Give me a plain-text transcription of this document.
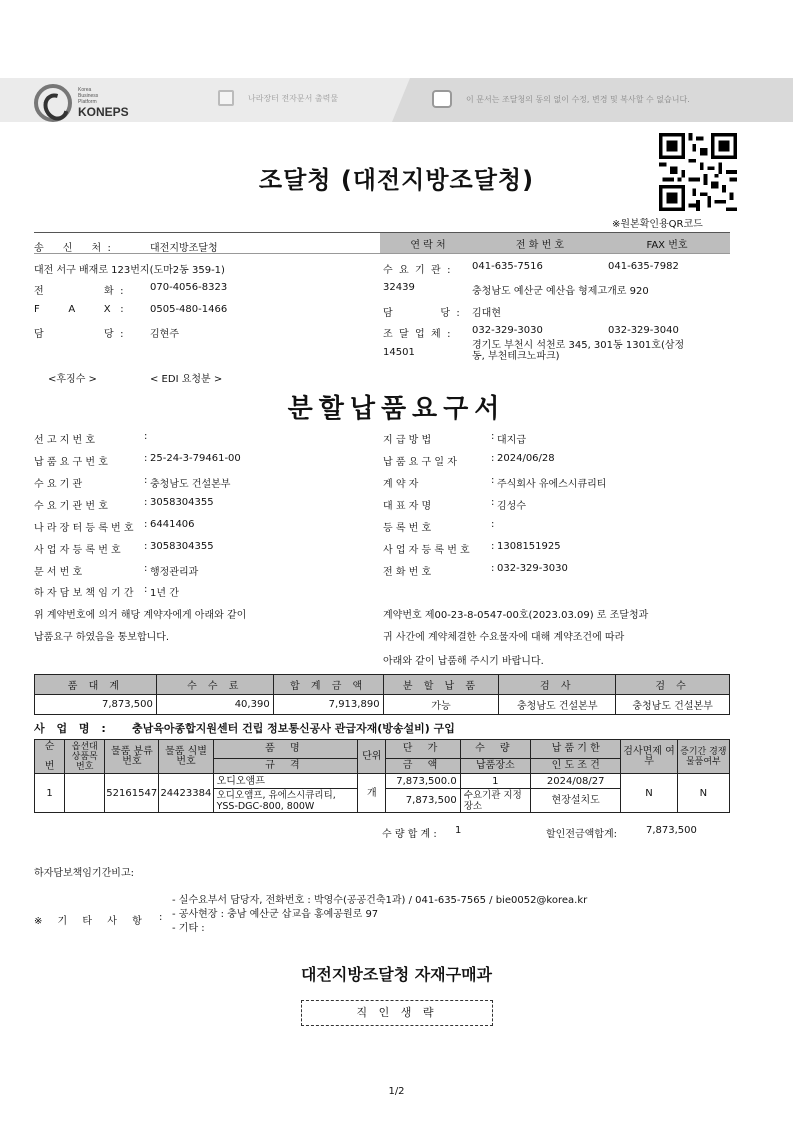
Korea
Business
Platform
KONEPS
나라장터 전자문서 출력물	이 문서는 조달청의 동의 없이 수정, 변경 및 복사할 수 없습니다.
※원본확인용QR코드
조달청 (대전지방조달청)
송      신      처  :	대전지방조달청
대전 서구 배재로 123번지(도마2동 359-1)
전                   화  :	070-4056-8323
F         A         X   :	0505-480-1466
담                   당  :	김현주
<후징수 >	< EDI 요청분 >
연 락 처	전 화 번 호	FAX 번호
수  요  기  관  : 041-635-7516	041-635-7982
32439	충청남도 예산군 예산읍 형제고개로 920
담               당  : 김대현
조  달  업  체  : 032-329-3030	032-329-3040
14501
경기도 부천시 석천로 345, 301동 1301호(삼정
동, 부천테크노파크)
분할납품요구서
선 고 지 번 호	:
납 품 요 구 번 호	: 25-24-3-79461-00
수 요 기 관	: 충청남도 건설본부
수 요 기 관 번 호	: 3058304355
나 라 장 터 등 록 번 호 : 6441406
사 업 자 등 록 번 호 : 3058304355
문 서 번 호	: 행정관리과
하 자 담 보 책 임 기 간 : 1년 간
지 급 방 법	: 대지급
납 품 요 구 일 자	: 2024/06/28
계 약 자	: 주식회사 유에스시큐리티
대 표 자 명	: 김성수
등 록 번 호	:
사 업 자 등 록 번 호 : 1308151925
전 화 번 호	: 032-329-3030
위 계약번호에 의거 해당 계약자에게 아래와 같이
납품요구 하였음을 통보합니다.
계약번호 제00-23-8-0547-00호(2023.03.09) 로 조달청과
귀 사간에 계약체결한 수요물자에 대해 계약조건에 따라
아래와 같이 납품해 주시기 바랍니다.
품 대 계	수 수 료	합 계 금 액	분 할 납 품	검 사	검 수
7,873,500	40,390	7,913,890	가능	충청남도 건설본부	충청남도 건설본부
사 업 명 : 충남육아종합지원센터 건립 정보통신공사 관급자재(방송설비) 구입
순

번	옵션대 상품목 번호	물품 분류번호	물품 식별번호	품 명	단위	단 가	수 량	납 품 기 한	검사면제 여부	증기간 경쟁 물품여부
				규 격		금 액	납품장소	인 도 조 건		
1		52161547	24423384	오디오앰프	개	7,873,500.0	1	2024/08/27	N	N
				오디오앰프, 유에스시큐리티, YSS-DGC-800, 800W		7,873,500	수요기관 지정장소	현장설치도		
수 량 합 계 : 1	할인전금액합계:	7,873,500
하자담보책임기간비고:
※ 기 타 사 항 :
- 실수요부서 담당자, 전화번호 : 박영수(공공건축1과) / 041-635-7565 / bie0052@korea.kr
- 공사현장 : 충남 예산군 삽교읍 홍예공원로 97
- 기타 :
대전지방조달청 자재구매과
직 인 생 략
1/2
